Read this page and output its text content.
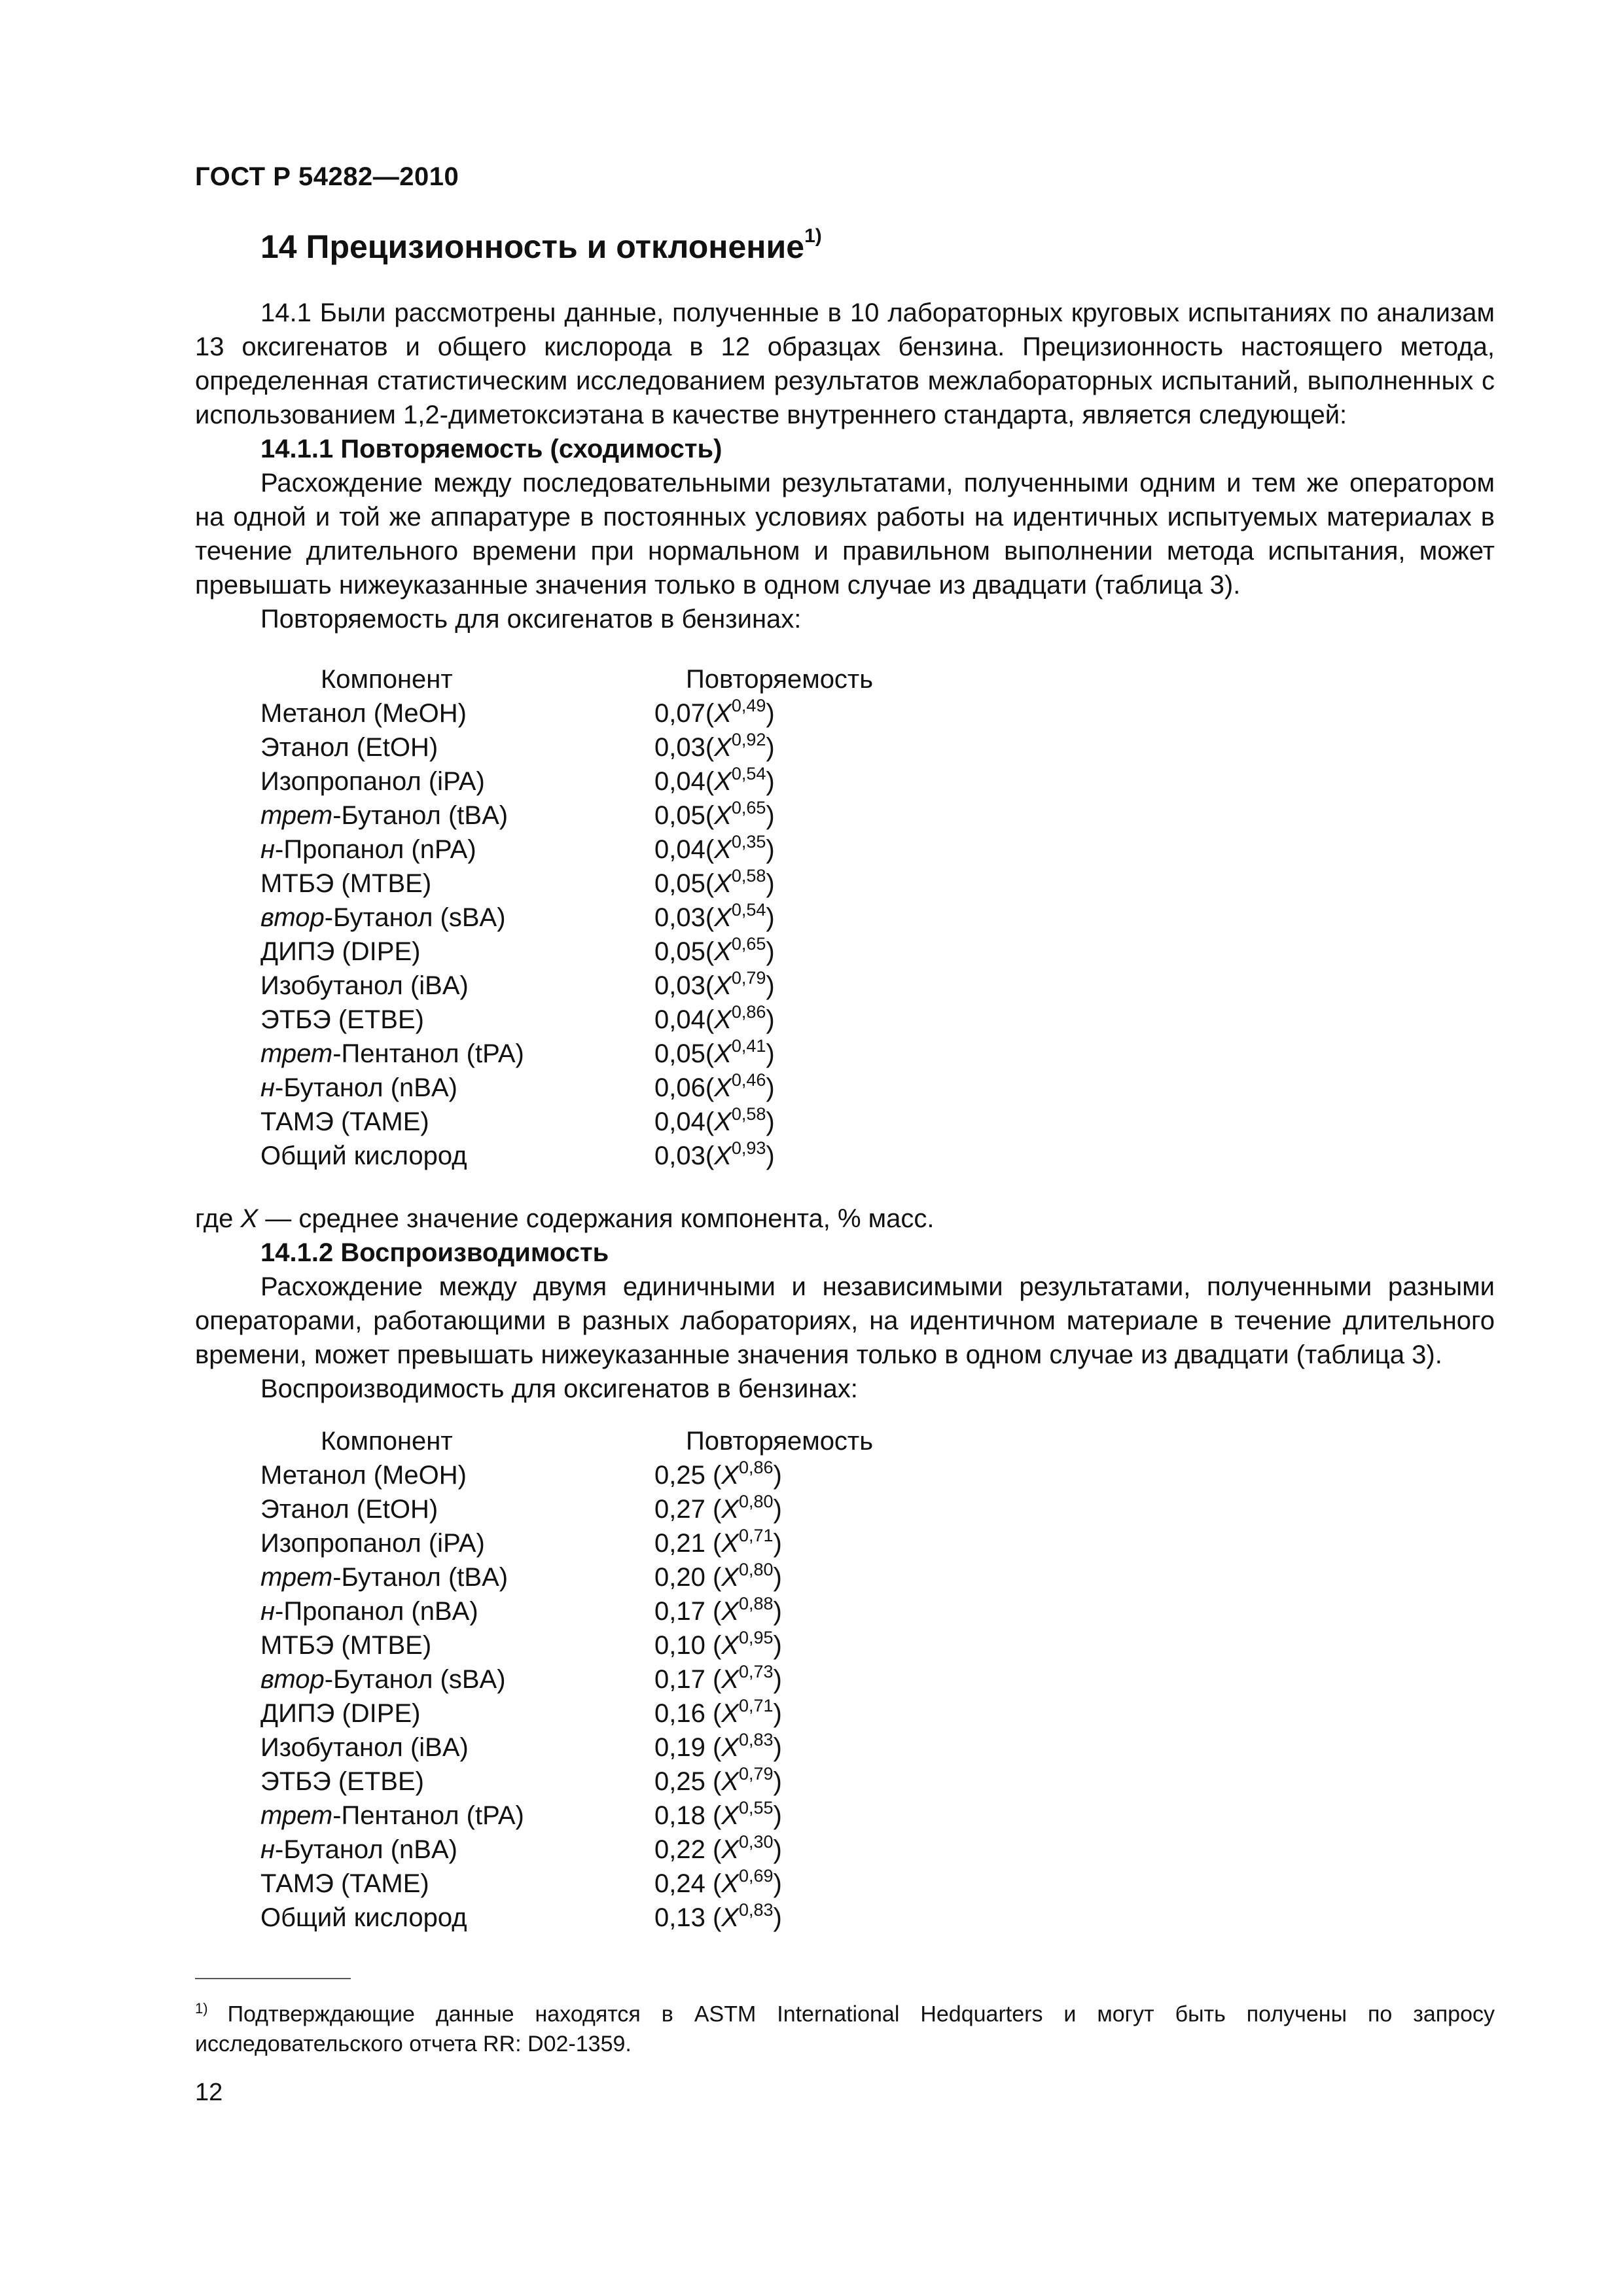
ГОСТ Р 54282—2010
14 Прецизионность и отклонение$^{1)}$
14.1 Были рассмотрены данные, полученные в 10 лабораторных круговых испытаниях по анализам 13 оксигенатов и общего кислорода в 12 образцах бензина. Прецизионность настоящего метода, определенная статистическим исследованием результатов межлабораторных испытаний, выполненных с использованием 1,2-диметоксиэтана в качестве внутреннего стандарта, является следующей:
14.1.1 Повторяемость (сходимость)
Расхождение между последовательными результатами, полученными одним и тем же оператором на одной и той же аппаратуре в постоянных условиях работы на идентичных испытуемых материалах в течение длительного времени при нормальном и правильном выполнении метода испытания, может превышать нижеуказанные значения только в одном случае из двадцати (таблица 3).
Повторяемость для оксигенатов в бензинах:
Компонент	Повторяемость
Метанол (MeOH)	$0,07(X^{0,49})$
Этанол (EtOH)	$0,03(X^{0,92})$
Изопропанол (iPA)	$0,04(X^{0,54})$
трет-Бутанол (tBA)	$0,05(X^{0,65})$
н-Пропанол (nPA)	$0,04(X^{0,35})$
МТБЭ (MTBE)	$0,05(X^{0,58})$
втор-Бутанол (sBA)	$0,03(X^{0,54})$
ДИПЭ (DIPE)	$0,05(X^{0,65})$
Изобутанол (iBA)	$0,03(X^{0,79})$
ЭТБЭ (ETBE)	$0,04(X^{0,86})$
трет-Пентанол (tPA)	$0,05(X^{0,41})$
н-Бутанол (nBA)	$0,06(X^{0,46})$
ТАМЭ (TAME)	$0,04(X^{0,58})$
Общий кислород	$0,03(X^{0,93})$
где X — среднее значение содержания компонента, % масс.
14.1.2 Воспроизводимость
Расхождение между двумя единичными и независимыми результатами, полученными разными операторами, работающими в разных лабораториях, на идентичном материале в течение длительного времени, может превышать нижеуказанные значения только в одном случае из двадцати (таблица 3).
Воспроизводимость для оксигенатов в бензинах:
Компонент	Повторяемость
Метанол (MeOH)	0,25 $(X^{0,86})$
Этанол (EtOH)	0,27 $(X^{0,80})$
Изопропанол (iPA)	0,21 $(X^{0,71})$
трет-Бутанол (tBA)	0,20 $(X^{0,80})$
н-Пропанол (nBA)	0,17 $(X^{0,88})$
МТБЭ (MTBE)	0,10 $(X^{0,95})$
втор-Бутанол (sBA)	0,17 $(X^{0,73})$
ДИПЭ (DIPE)	0,16 $(X^{0,71})$
Изобутанол (iBA)	0,19 $(X^{0,83})$
ЭТБЭ (ETBE)	0,25 $(X^{0,79})$
трет-Пентанол (tPA)	0,18 $(X^{0,55})$
н-Бутанол (nBA)	0,22 $(X^{0,30})$
ТАМЭ (TAME)	0,24 $(X^{0,69})$
Общий кислород	0,13 $(X^{0,83})$
$^{1)}$ Подтверждающие данные находятся в ASTM International Hedquarters и могут быть получены по запросу исследовательского отчета RR: D02-1359.
12
